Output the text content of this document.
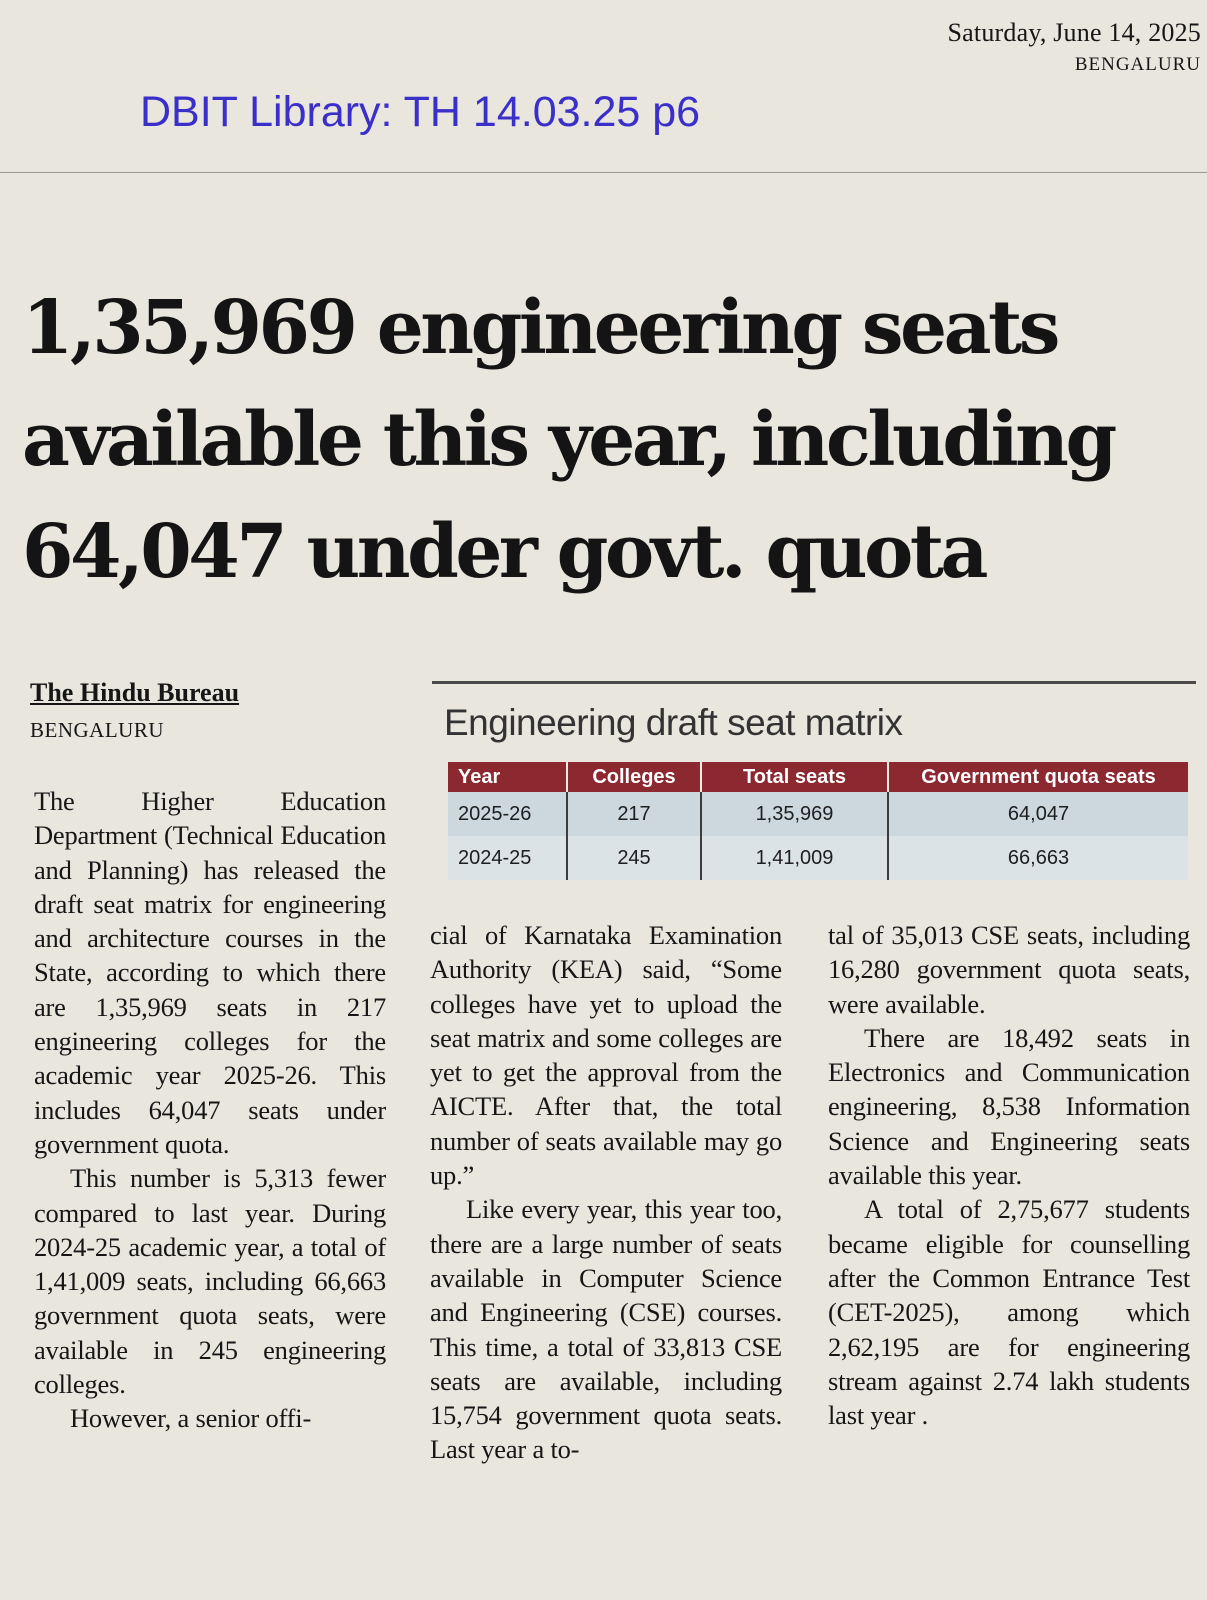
Saturday, June 14, 2025
BENGALURU
DBIT Library: TH 14.03.25 p6
1,35,969 engineering seats
available this year, including
64,047 under govt. quota
The Hindu Bureau
BENGALURU	Engineering draft seat matrix
Year	Colleges	Total seats	Government quota seats
2025-26	217	1,35,969	64,047
2024-25	245	1,41,009	66,663

The Higher Education Department (Technical Education and Planning) has released the draft seat matrix for engineering and architecture courses in the State, according to which there are 1,35,969 seats in 217 engineering colleges for the academic year 2025-26. This includes 64,047 seats under government quota.

This number is 5,313 fewer compared to last year. During 2024-25 academic year, a total of 1,41,009 seats, including 66,663 government quota seats, were available in 245 engineering colleges.

However, a senior offi-

cial of Karnataka Examination Authority (KEA) said, “Some colleges have yet to upload the seat matrix and some colleges are yet to get the approval from the AICTE. After that, the total number of seats available may go up.”

Like every year, this year too, there are a large number of seats available in Computer Science and Engineering (CSE) courses. This time, a total of 33,813 CSE seats are available, including 15,754 government quota seats. Last year a to-

tal of 35,013 CSE seats, including 16,280 government quota seats, were available.

There are 18,492 seats in Electronics and Communication engineering, 8,538 Information Science and Engineering seats available this year.

A total of 2,75,677 students became eligible for counselling after the Common Entrance Test (CET-2025), among which 2,62,195 are for engineering stream against 2.74 lakh students last year .
